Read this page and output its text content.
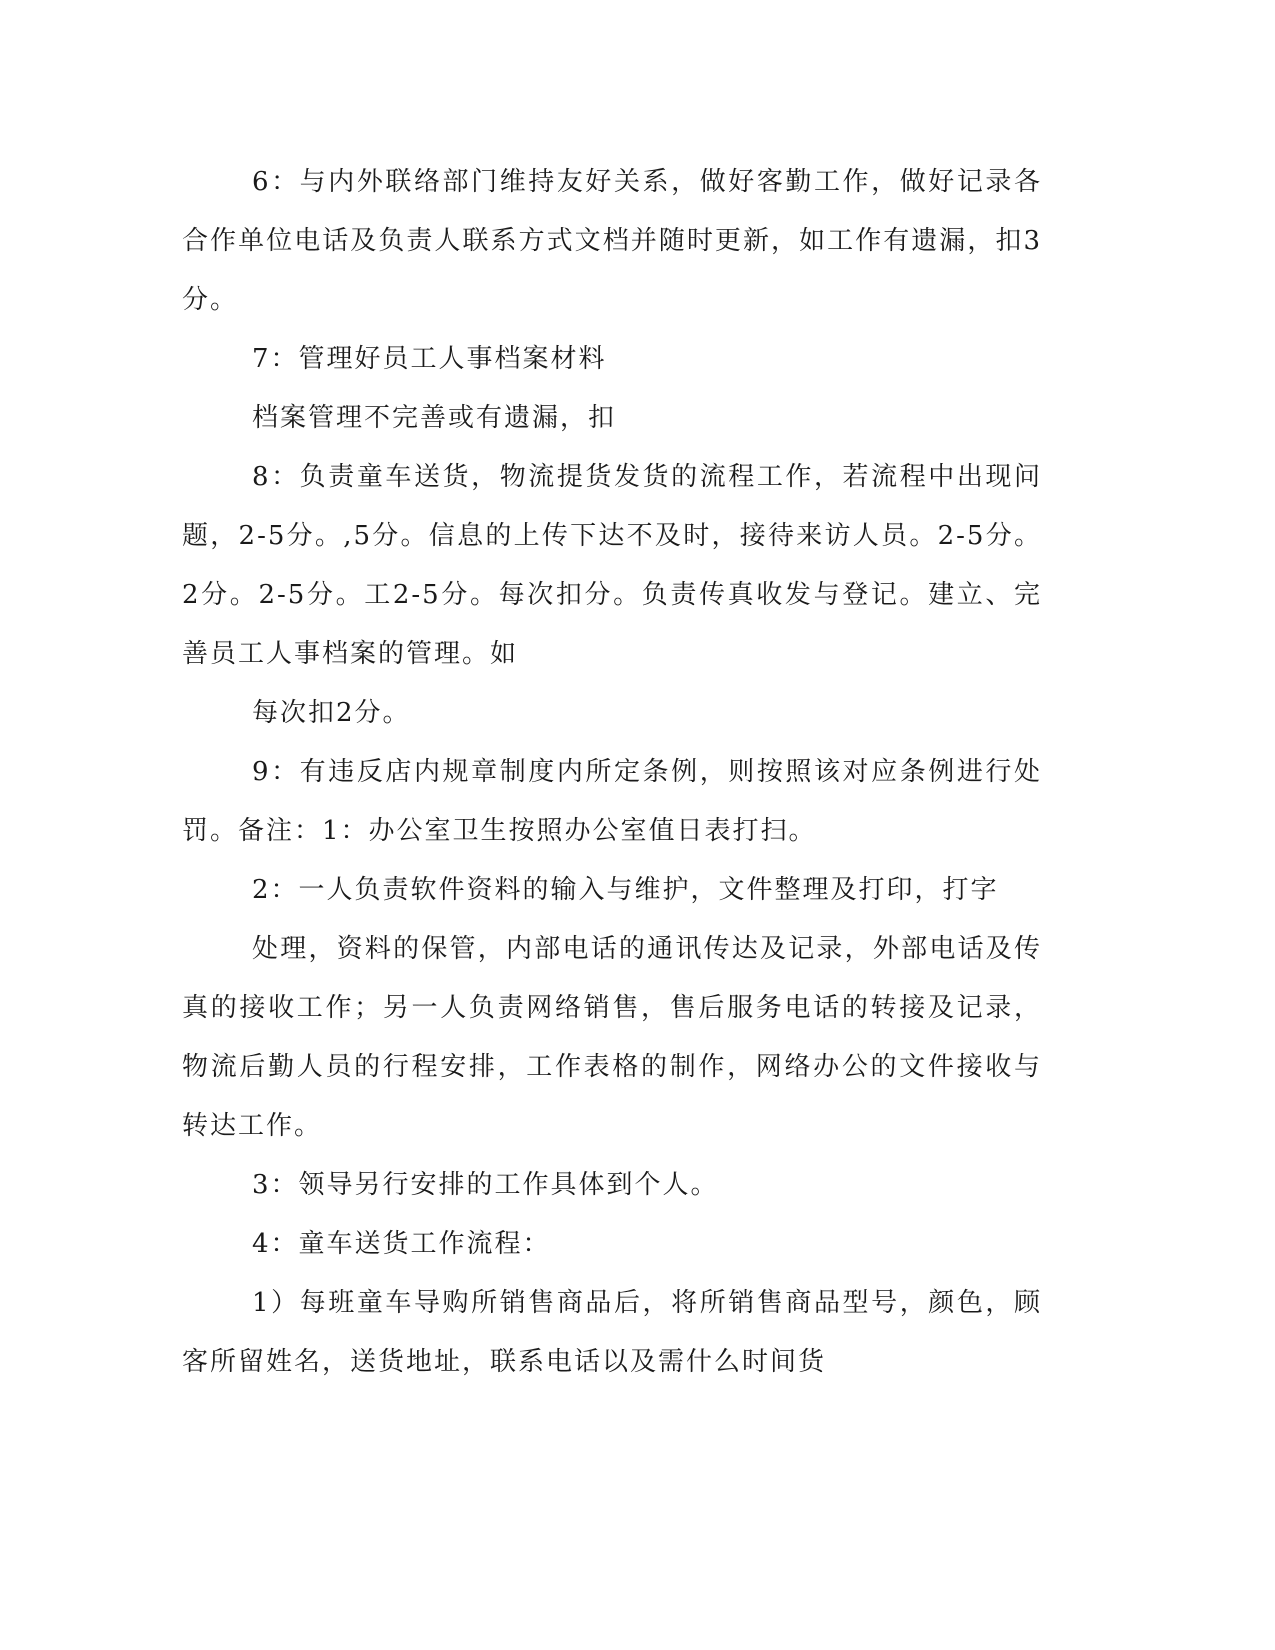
6：与内外联络部门维持友好关系，做好客勤工作，做好记录各合作单位电话及负责人联系方式文档并随时更新，如工作有遗漏，扣3分。

7：管理好员工人事档案材料

档案管理不完善或有遗漏，扣

8：负责童车送货，物流提货发货的流程工作，若流程中出现问题，2-5分。,5分。信息的上传下达不及时，接待来访人员。2-5分。2分。2-5分。工2-5分。每次扣分。负责传真收发与登记。建立、完善员工人事档案的管理。如

每次扣2分。

9：有违反店内规章制度内所定条例，则按照该对应条例进行处罚。备注：1：办公室卫生按照办公室值日表打扫。

2：一人负责软件资料的输入与维护，文件整理及打印，打字

处理，资料的保管，内部电话的通讯传达及记录，外部电话及传真的接收工作；另一人负责网络销售，售后服务电话的转接及记录，物流后勤人员的行程安排，工作表格的制作，网络办公的文件接收与转达工作。

3：领导另行安排的工作具体到个人。

4：童车送货工作流程：

1）每班童车导购所销售商品后，将所销售商品型号，颜色，顾客所留姓名，送货地址，联系电话以及需什么时间货
